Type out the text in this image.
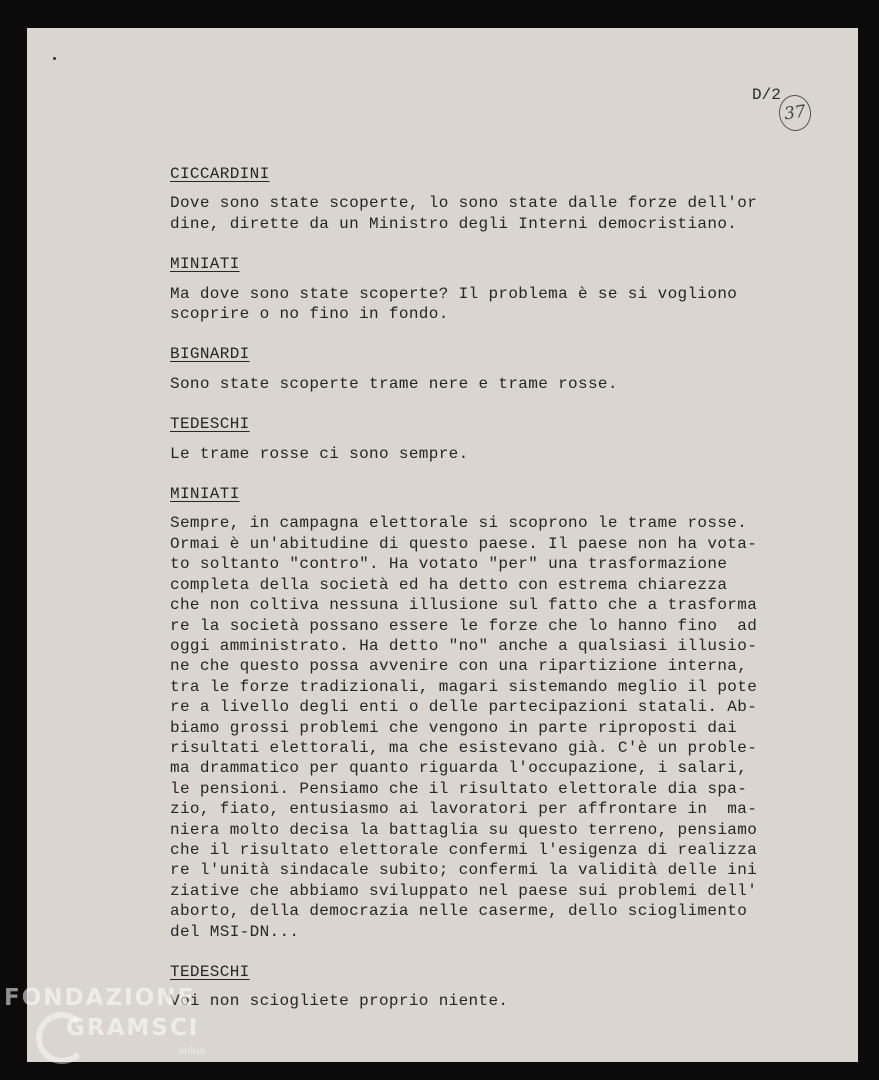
D/2
37
CICCARDINI
Dove sono state scoperte, lo sono state dalle forze dell'or
dine, dirette da un Ministro degli Interni democristiano.
MINIATI
Ma dove sono state scoperte? Il problema è se si vogliono
scoprire o no fino in fondo.
BIGNARDI
Sono state scoperte trame nere e trame rosse.
TEDESCHI
Le trame rosse ci sono sempre.
MINIATI
Sempre, in campagna elettorale si scoprono le trame rosse.
Ormai è un'abitudine di questo paese. Il paese non ha vota-
to soltanto "contro". Ha votato "per" una trasformazione
completa della società ed ha detto con estrema chiarezza
che non coltiva nessuna illusione sul fatto che a trasforma
re la società possano essere le forze che lo hanno fino  ad
oggi amministrato. Ha detto "no" anche a qualsiasi illusio-
ne che questo possa avvenire con una ripartizione interna,
tra le forze tradizionali, magari sistemando meglio il pote
re a livello degli enti o delle partecipazioni statali. Ab-
biamo grossi problemi che vengono in parte riproposti dai
risultati elettorali, ma che esistevano già. C'è un proble-
ma drammatico per quanto riguarda l'occupazione, i salari,
le pensioni. Pensiamo che il risultato elettorale dia spa-
zio, fiato, entusiasmo ai lavoratori per affrontare in  ma-
niera molto decisa la battaglia su questo terreno, pensiamo
che il risultato elettorale confermi l'esigenza di realizza
re l'unità sindacale subito; confermi la validità delle ini
ziative che abbiamo sviluppato nel paese sui problemi dell'
aborto, della democrazia nelle caserme, dello scioglimento
del MSI-DN...
TEDESCHI
Voi non sciogliete proprio niente.
FONDAZIONE
GRAMSCI
onlus
